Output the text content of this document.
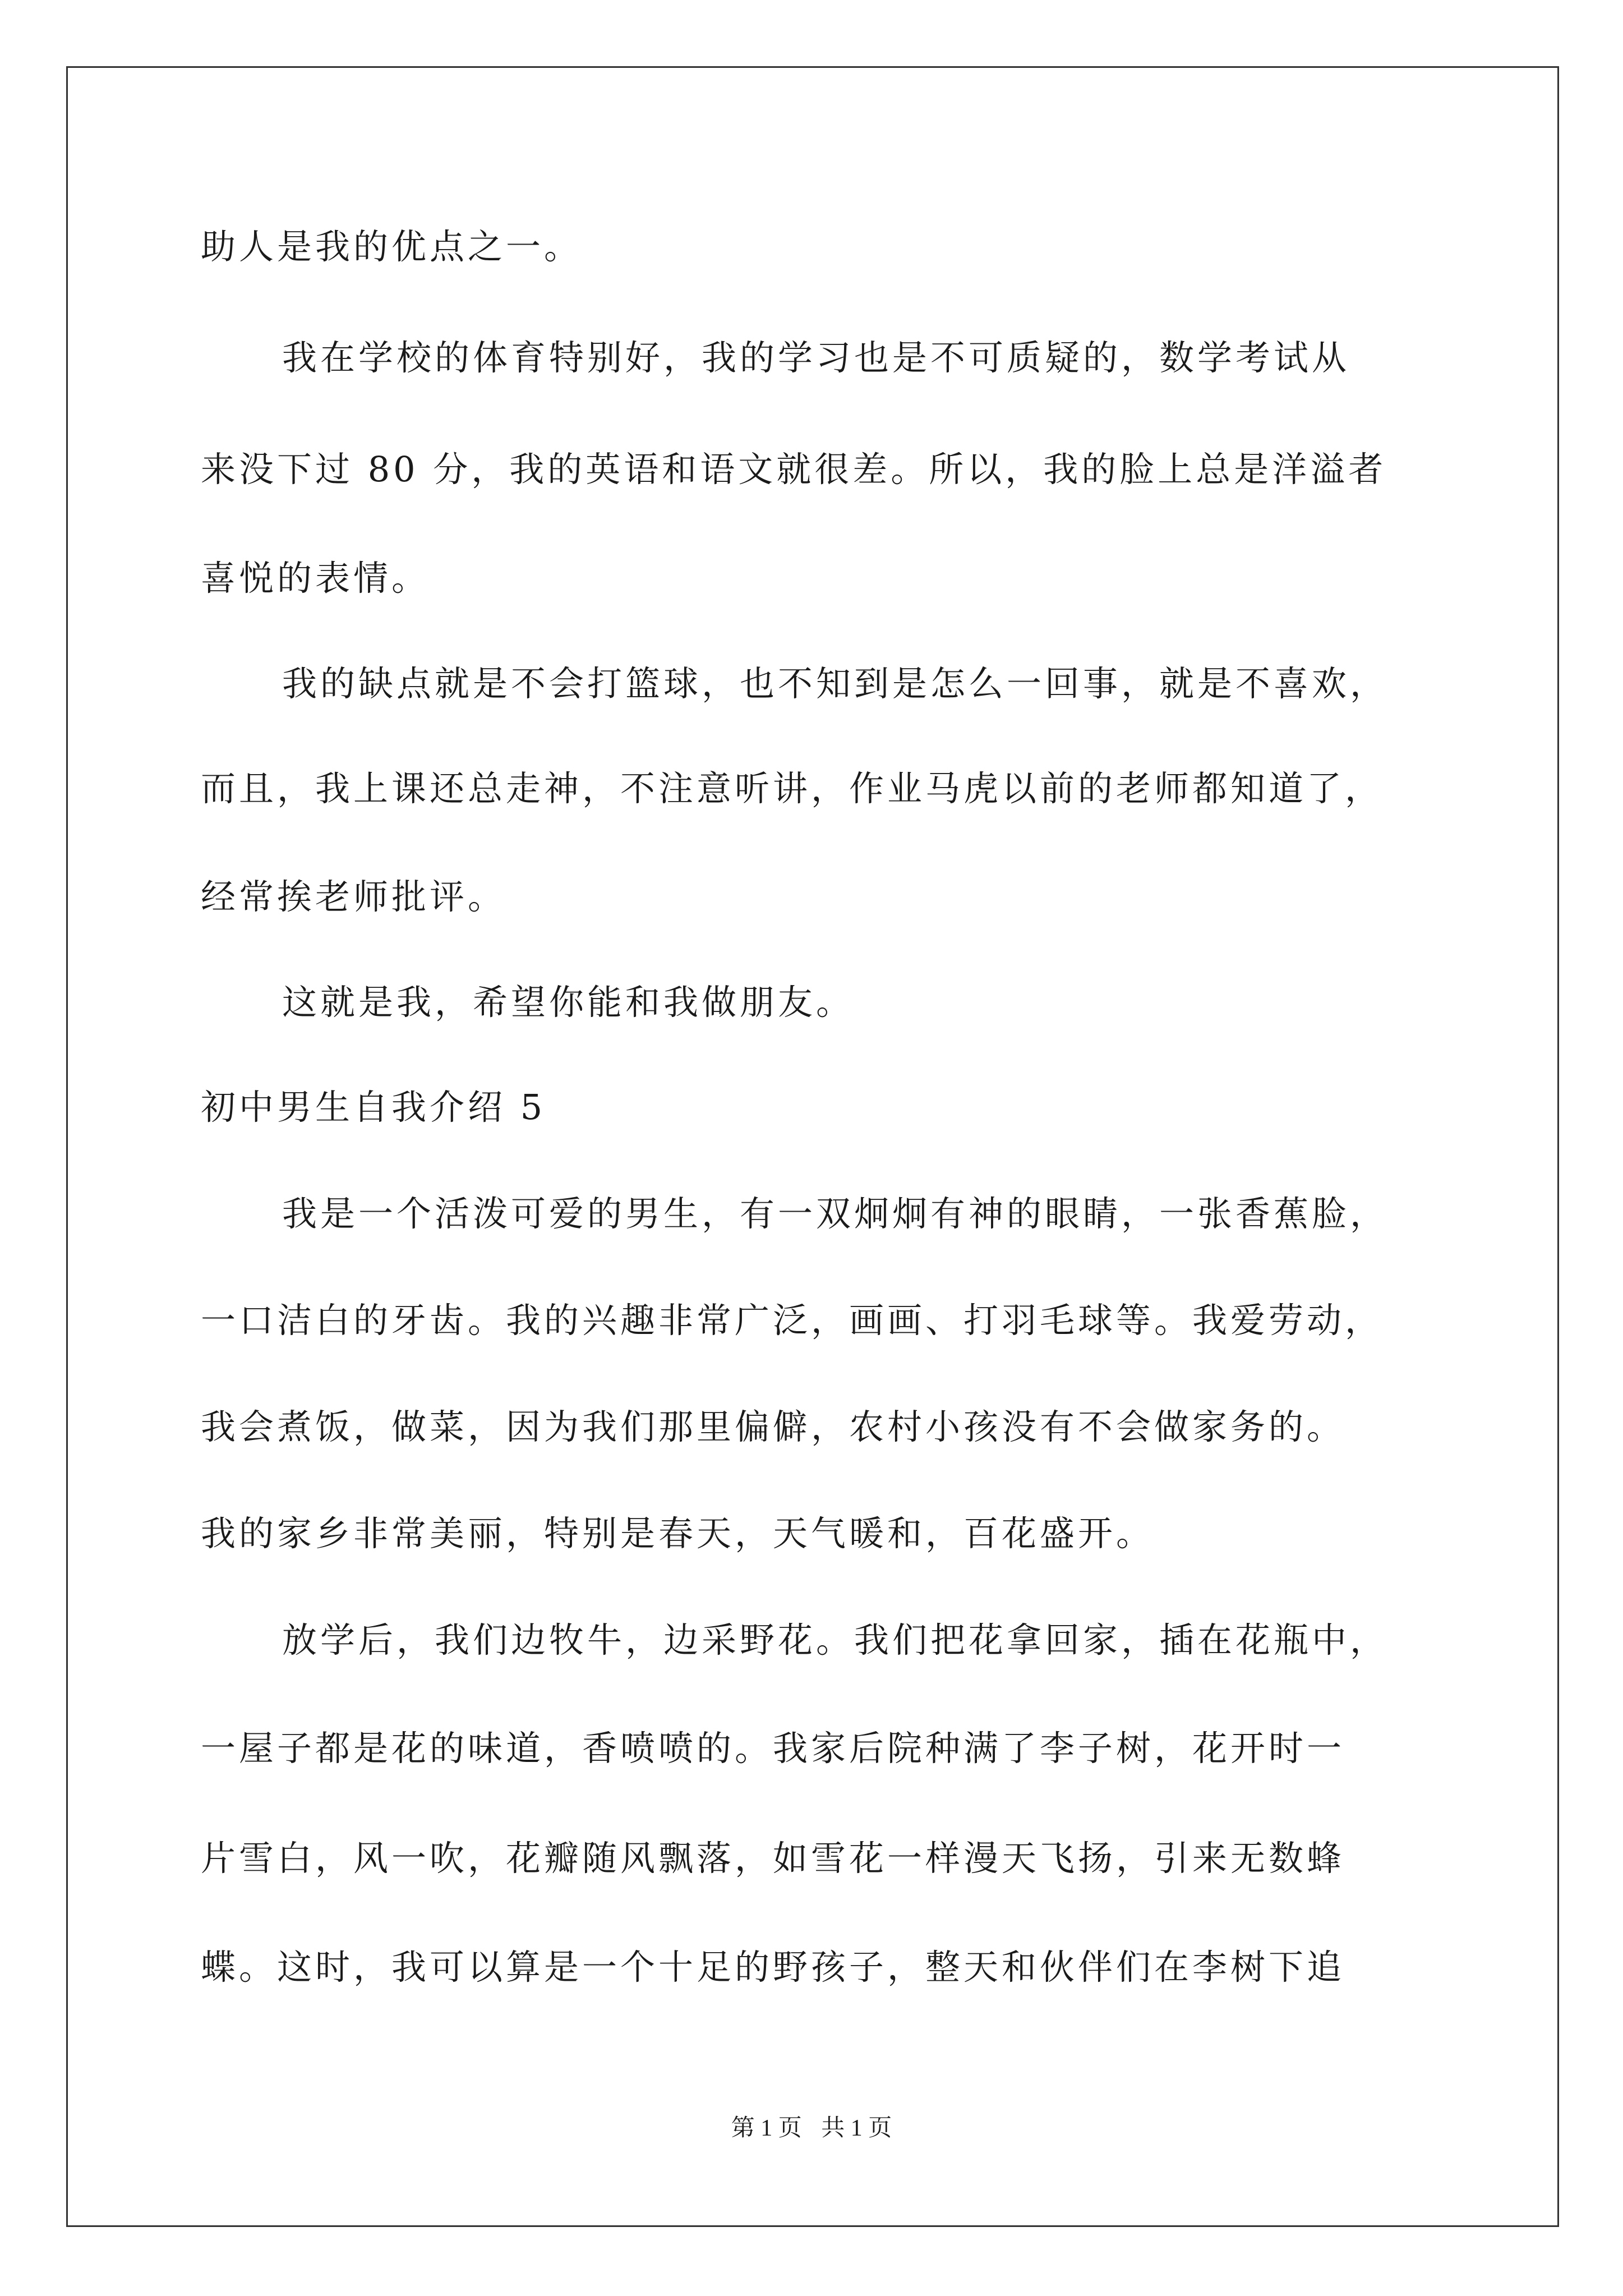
助人是我的优点之一。
我在学校的体育特别好，我的学习也是不可质疑的，数学考试从
来没下过 80 分，我的英语和语文就很差。所以，我的脸上总是洋溢者
喜悦的表情。
我的缺点就是不会打篮球，也不知到是怎么一回事，就是不喜欢，
而且，我上课还总走神，不注意听讲，作业马虎以前的老师都知道了，
经常挨老师批评。
这就是我，希望你能和我做朋友。
初中男生自我介绍 5
我是一个活泼可爱的男生，有一双炯炯有神的眼睛，一张香蕉脸，
一口洁白的牙齿。我的兴趣非常广泛，画画、打羽毛球等。我爱劳动，
我会煮饭，做菜，因为我们那里偏僻，农村小孩没有不会做家务的。
我的家乡非常美丽，特别是春天，天气暖和，百花盛开。
放学后，我们边牧牛，边采野花。我们把花拿回家，插在花瓶中，
一屋子都是花的味道，香喷喷的。我家后院种满了李子树，花开时一
片雪白，风一吹，花瓣随风飘落，如雪花一样漫天飞扬，引来无数蜂
蝶。这时，我可以算是一个十足的野孩子，整天和伙伴们在李树下追
第 1 页 共 1 页
